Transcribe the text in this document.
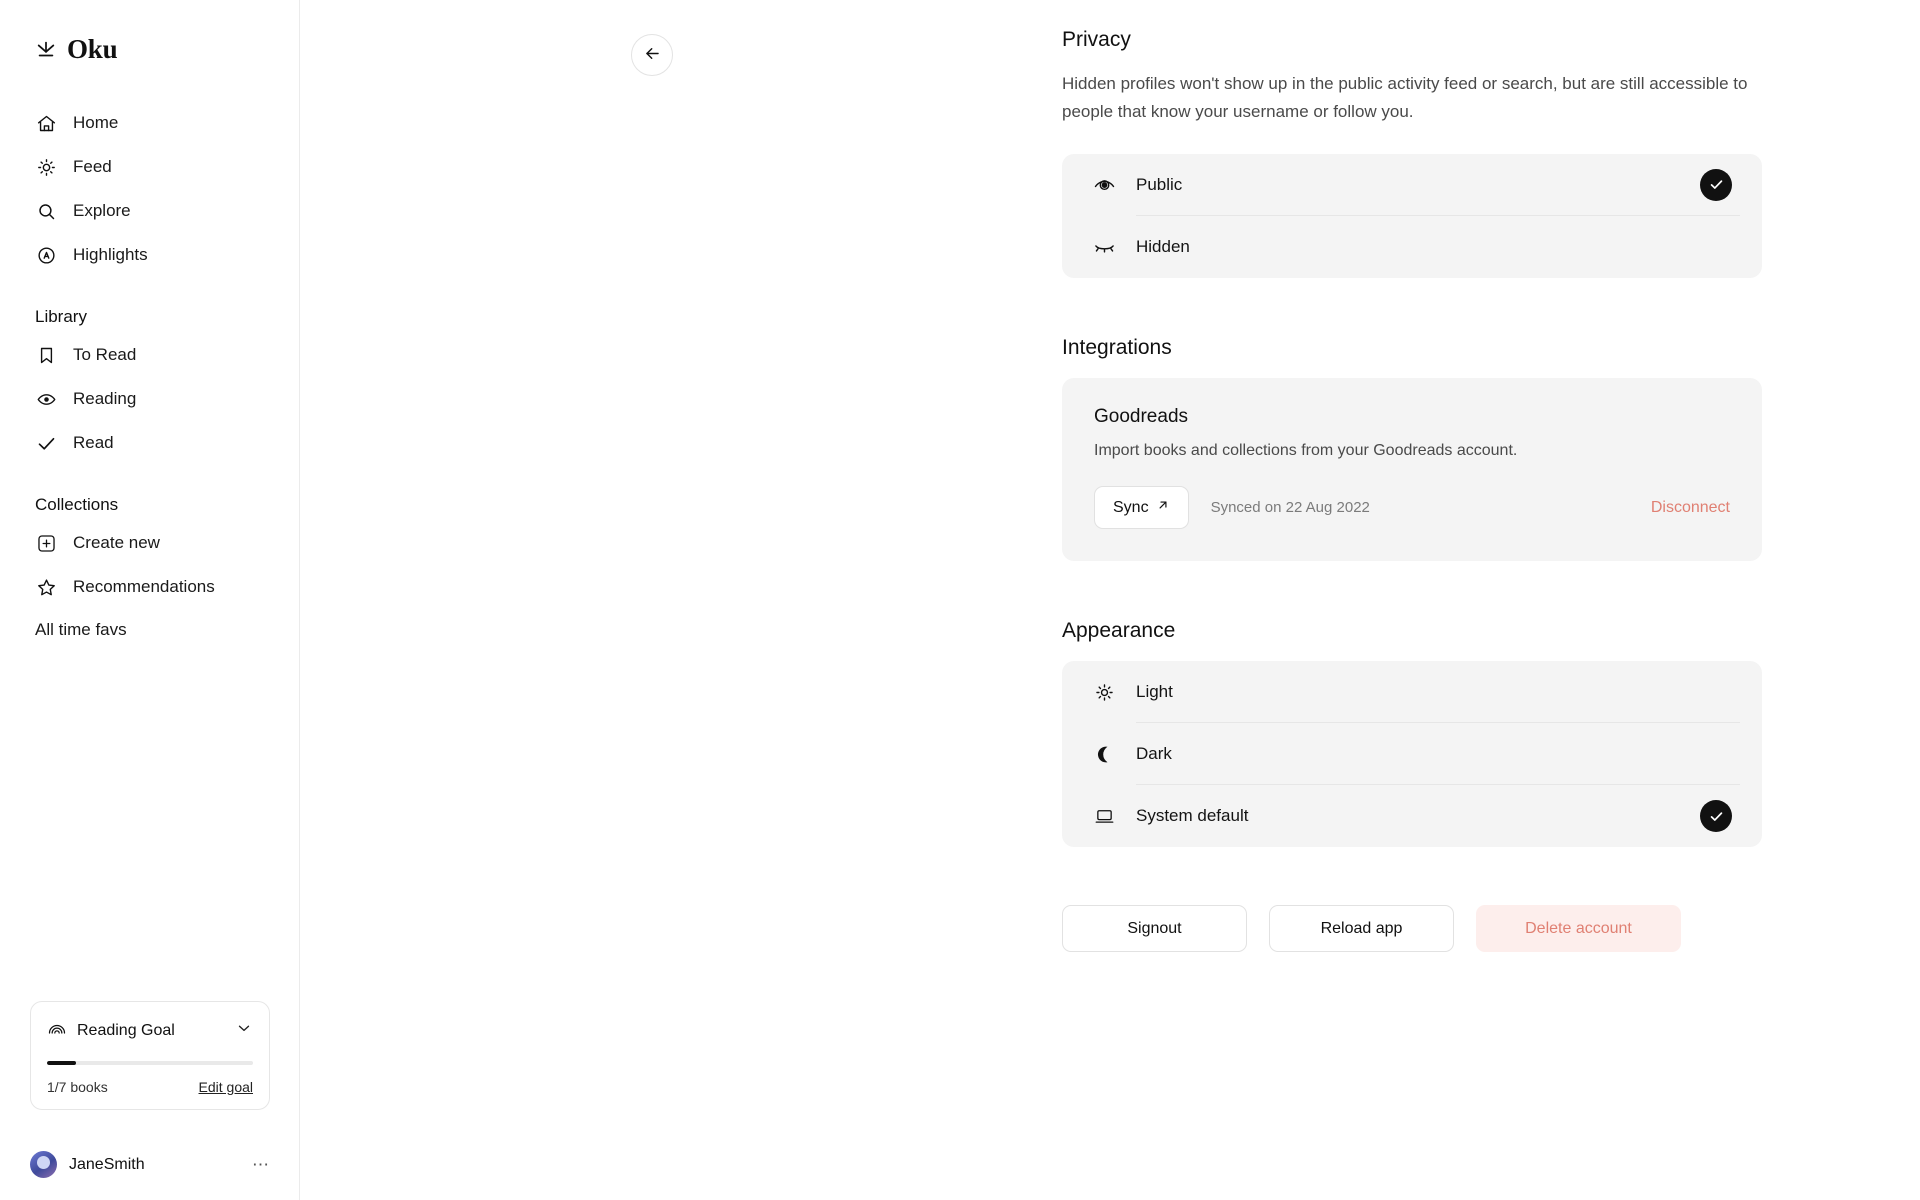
Oku
Home
Feed
Explore
Highlights
Library
To Read
Reading
Read
Collections
Create new
Recommendations
All time favs
Reading Goal
1/7 books	Edit goal
JaneSmith	⋯
Privacy

Hidden profiles won't show up in the public activity feed or search, but are still accessible to people that know your username or follow you.

Public
Hidden
Integrations
Goodreads

Import books and collections from your Goodreads account.

Sync	Synced on 22 Aug 2022	Disconnect
Appearance
Light
Dark
System default
Signout	Reload app	Delete account
